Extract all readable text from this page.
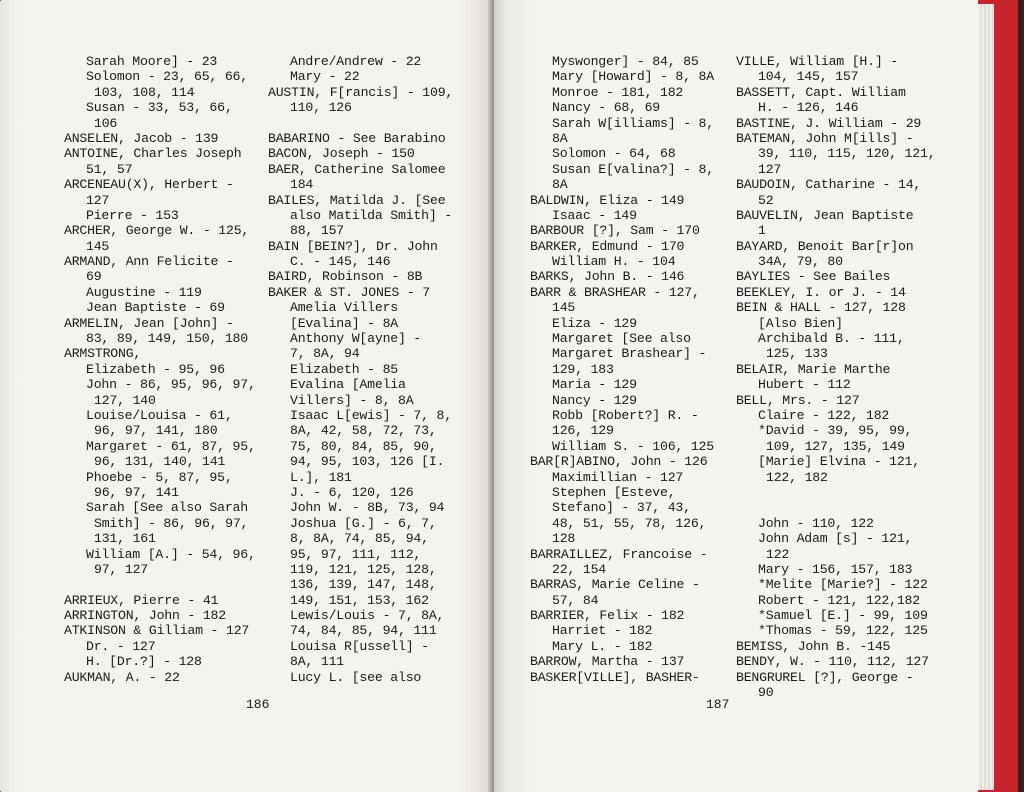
Sarah Moore] - 23
Solomon - 23, 65, 66,
103, 108, 114
Susan - 33, 53, 66,
106
ANSELEN, Jacob - 139
ANTOINE, Charles Joseph
51, 57
ARCENEAU(X), Herbert -
127
Pierre - 153
ARCHER, George W. - 125,
145
ARMAND, Ann Felicite -
69
Augustine - 119
Jean Baptiste - 69
ARMELIN, Jean [John] -
83, 89, 149, 150, 180
ARMSTRONG,
Elizabeth - 95, 96
John - 86, 95, 96, 97,
127, 140
Louise/Louisa - 61,
96, 97, 141, 180
Margaret - 61, 87, 95,
96, 131, 140, 141
Phoebe - 5, 87, 95,
96, 97, 141
Sarah [See also Sarah
Smith] - 86, 96, 97,
131, 161
William [A.] - 54, 96,
97, 127
ARRIEUX, Pierre - 41
ARRINGTON, John - 182
ATKINSON & Gilliam - 127
Dr. - 127
H. [Dr.?] - 128
AUKMAN, A. - 22
Andre/Andrew - 22
Mary - 22
AUSTIN, F[rancis] - 109,
110, 126
BABARINO - See Barabino
BACON, Joseph - 150
BAER, Catherine Salomee
184
BAILES, Matilda J. [See
also Matilda Smith] -
88, 157
BAIN [BEIN?], Dr. John
C. - 145, 146
BAIRD, Robinson - 8B
BAKER & ST. JONES - 7
Amelia Villers
[Evalina] - 8A
Anthony W[ayne] -
7, 8A, 94
Elizabeth - 85
Evalina [Amelia
Villers] - 8, 8A
Isaac L[ewis] - 7, 8,
8A, 42, 58, 72, 73,
75, 80, 84, 85, 90,
94, 95, 103, 126 [I.
L.], 181
J. - 6, 120, 126
John W. - 8B, 73, 94
Joshua [G.] - 6, 7,
8, 8A, 74, 85, 94,
95, 97, 111, 112,
119, 121, 125, 128,
136, 139, 147, 148,
149, 151, 153, 162
Lewis/Louis - 7, 8A,
74, 84, 85, 94, 111
Louisa R[ussell] -
8A, 111
Lucy L. [see also
186
Myswonger] - 84, 85
Mary [Howard] - 8, 8A
Monroe - 181, 182
Nancy - 68, 69
Sarah W[illiams] - 8,
8A
Solomon - 64, 68
Susan E[valina?] - 8,
8A
BALDWIN, Eliza - 149
Isaac - 149
BARBOUR [?], Sam - 170
BARKER, Edmund - 170
William H. - 104
BARKS, John B. - 146
BARR & BRASHEAR - 127,
145
Eliza - 129
Margaret [See also
Margaret Brashear] -
129, 183
Maria - 129
Nancy - 129
Robb [Robert?] R. -
126, 129
William S. - 106, 125
BAR[R]ABINO, John - 126
Maximillian - 127
Stephen [Esteve,
Stefano] - 37, 43,
48, 51, 55, 78, 126,
128
BARRAILLEZ, Francoise -
22, 154
BARRAS, Marie Celine -
57, 84
BARRIER, Felix - 182
Harriet - 182
Mary L. - 182
BARROW, Martha - 137
BASKER[VILLE], BASHER-
VILLE, William [H.] -
104, 145, 157
BASSETT, Capt. William
H. - 126, 146
BASTINE, J. William - 29
BATEMAN, John M[ills] -
39, 110, 115, 120, 121,
127
BAUDOIN, Catharine - 14,
52
BAUVELIN, Jean Baptiste
1
BAYARD, Benoit Bar[r]on
34A, 79, 80
BAYLIES - See Bailes
BEEKLEY, I. or J. - 14
BEIN & HALL - 127, 128
[Also Bien]
Archibald B. - 111,
125, 133
BELAIR, Marie Marthe
Hubert - 112
BELL, Mrs. - 127
Claire - 122, 182
*David - 39, 95, 99,
109, 127, 135, 149
[Marie] Elvina - 121,
122, 182
John - 110, 122
John Adam [s] - 121,
122
Mary - 156, 157, 183
*Melite [Marie?] - 122
Robert - 121, 122,182
*Samuel [E.] - 99, 109
*Thomas - 59, 122, 125
BEMISS, John B. -145
BENDY, W. - 110, 112, 127
BENGRUREL [?], George -
90
187
